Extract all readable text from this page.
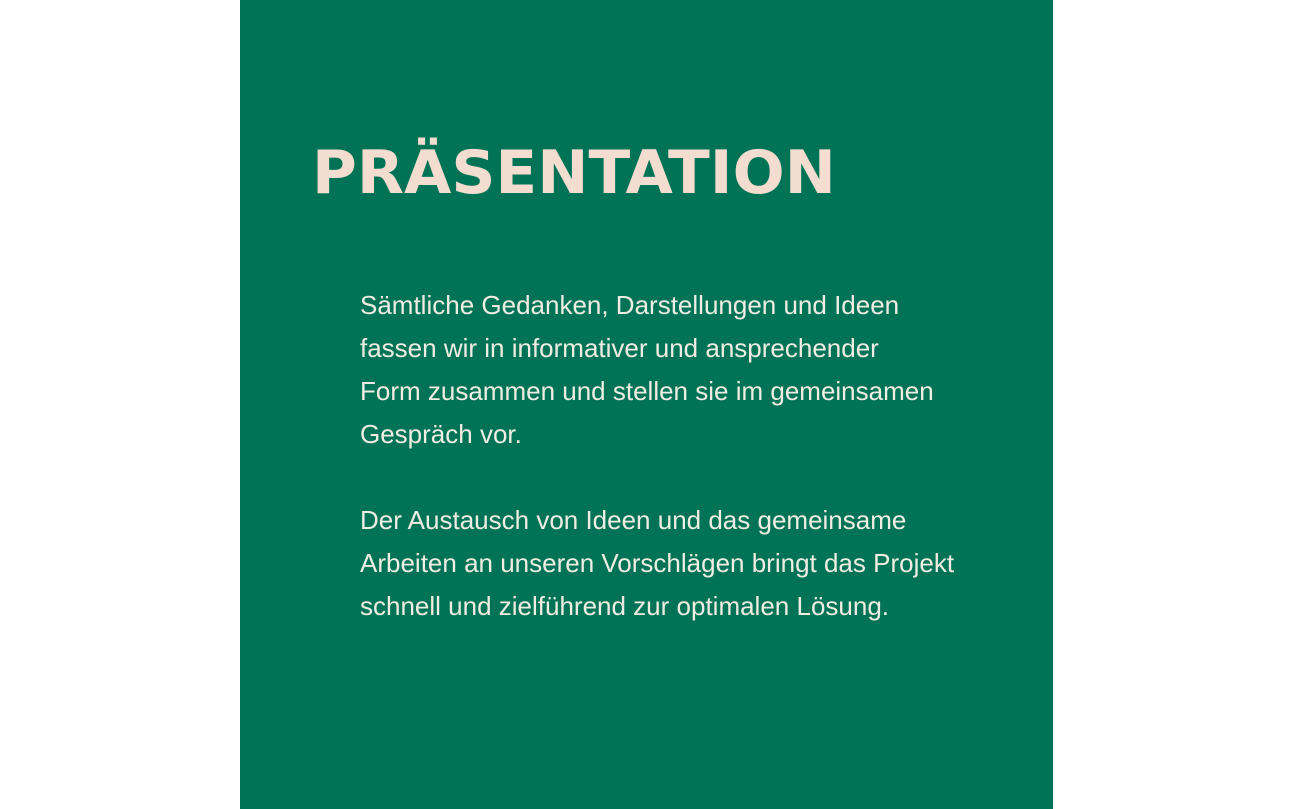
PRÄSENTATION

Sämtliche Gedanken, Darstellungen und Ideen
fassen wir in informativer und ansprechender
Form zusammen und stellen sie im gemeinsamen
Gespräch vor.

Der Austausch von Ideen und das gemeinsame
Arbeiten an unseren Vorschlägen bringt das Projekt
schnell und zielführend zur optimalen Lösung.
